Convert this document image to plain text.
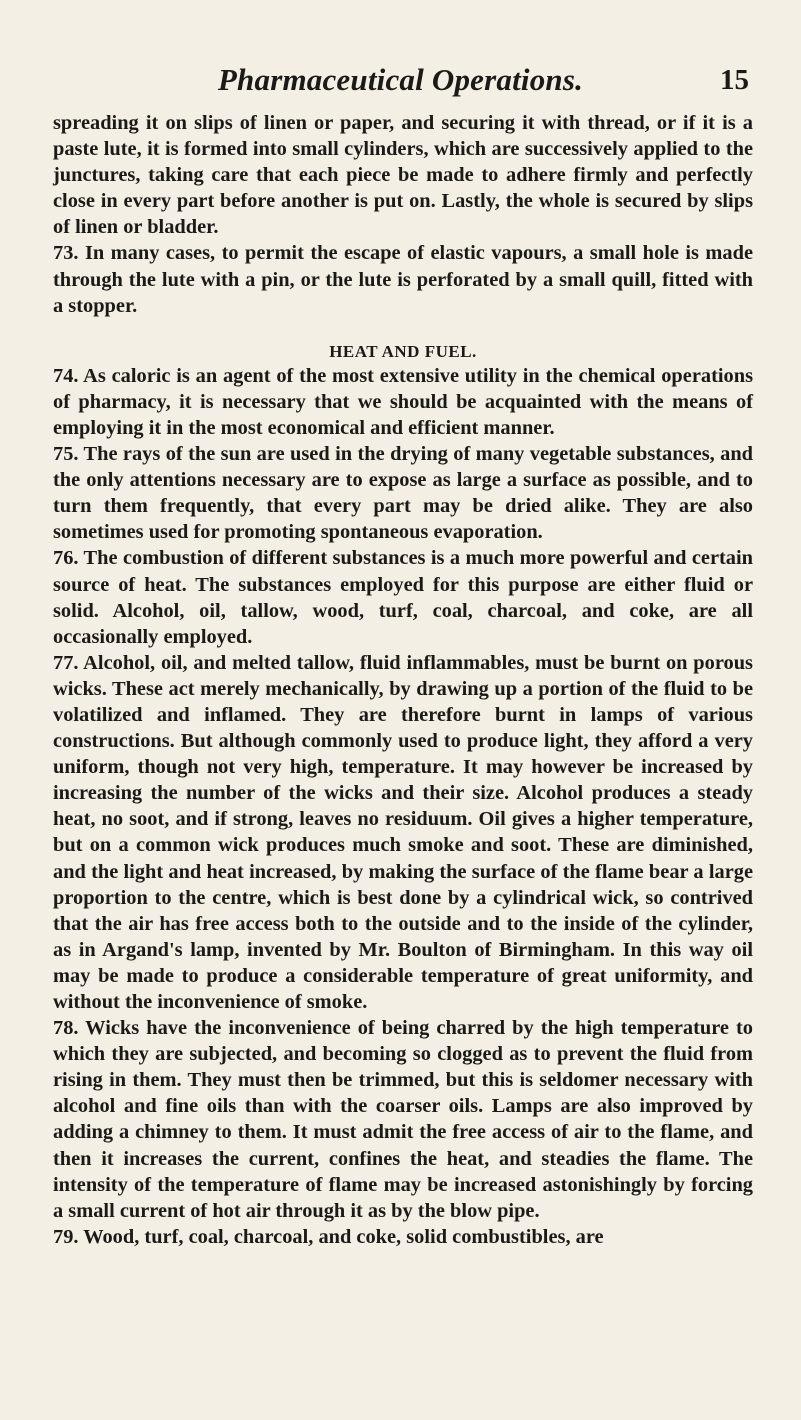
Pharmaceutical Operations.	15

spreading it on slips of linen or paper, and securing it with thread, or if it is a paste lute, it is formed into small cylinders, which are successively applied to the junctures, taking care that each piece be made to adhere firmly and perfectly close in every part before another is put on. Lastly, the whole is secured by slips of linen or bladder.

73. In many cases, to permit the escape of elastic vapours, a small hole is made through the lute with a pin, or the lute is perforated by a small quill, fitted with a stopper.

HEAT AND FUEL.

74. As caloric is an agent of the most extensive utility in the chemical operations of pharmacy, it is necessary that we should be acquainted with the means of employing it in the most economical and efficient manner.

75. The rays of the sun are used in the drying of many vegetable substances, and the only attentions necessary are to expose as large a surface as possible, and to turn them frequently, that every part may be dried alike. They are also sometimes used for promoting spontaneous evaporation.

76. The combustion of different substances is a much more powerful and certain source of heat. The substances employed for this purpose are either fluid or solid. Alcohol, oil, tallow, wood, turf, coal, charcoal, and coke, are all occasionally employed.

77. Alcohol, oil, and melted tallow, fluid inflammables, must be burnt on porous wicks. These act merely mechanically, by drawing up a portion of the fluid to be volatilized and inflamed. They are therefore burnt in lamps of various constructions. But although commonly used to produce light, they afford a very uniform, though not very high, temperature. It may however be increased by increasing the number of the wicks and their size. Alcohol produces a steady heat, no soot, and if strong, leaves no residuum. Oil gives a higher temperature, but on a common wick produces much smoke and soot. These are diminished, and the light and heat increased, by making the surface of the flame bear a large proportion to the centre, which is best done by a cylindrical wick, so contrived that the air has free access both to the outside and to the inside of the cylinder, as in Argand's lamp, invented by Mr. Boulton of Birmingham. In this way oil may be made to produce a considerable temperature of great uniformity, and without the inconvenience of smoke.

78. Wicks have the inconvenience of being charred by the high temperature to which they are subjected, and becoming so clogged as to prevent the fluid from rising in them. They must then be trimmed, but this is seldomer necessary with alcohol and fine oils than with the coarser oils. Lamps are also improved by adding a chimney to them. It must admit the free access of air to the flame, and then it increases the current, confines the heat, and steadies the flame. The intensity of the temperature of flame may be increased astonishingly by forcing a small current of hot air through it as by the blow pipe.

79. Wood, turf, coal, charcoal, and coke, solid combustibles, are
